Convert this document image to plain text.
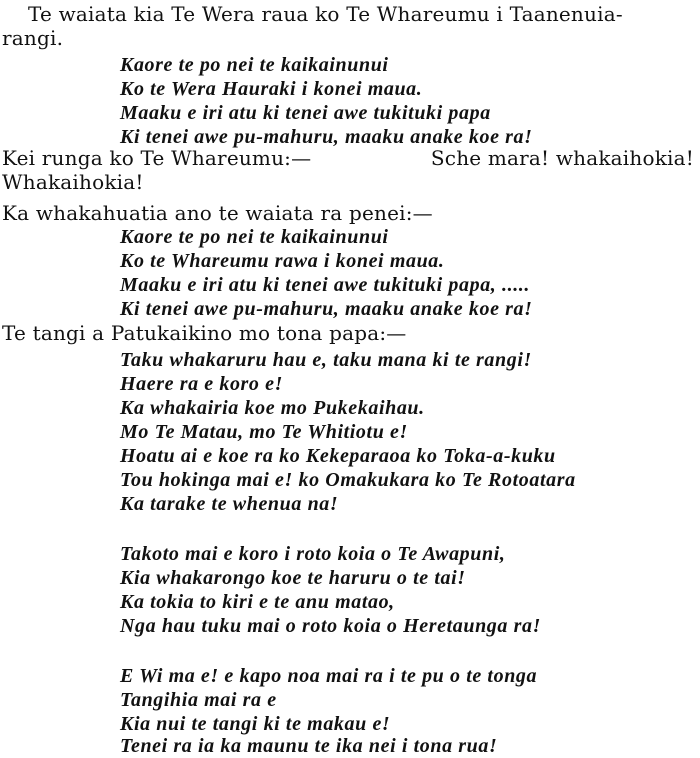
Te waiata kia Te Wera raua ko Te Whareumu i Taanenuia-
rangi.
Kaore te po nei te kaikainunui
Ko te Wera Hauraki i konei maua.
Maaku e iri atu ki tenei awe tukituki papa
Ki tenei awe pu-mahuru, maaku anake koe ra!
Kei runga ko Te Whareumu:—	Sche mara! whakaihokia!
Whakaihokia!
Ka whakahuatia ano te waiata ra penei:—
Kaore te po nei te kaikainunui
Ko te Whareumu rawa i konei maua.
Maaku e iri atu ki tenei awe tukituki papa, .....
Ki tenei awe pu-mahuru, maaku anake koe ra!
Te tangi a Patukaikino mo tona papa:—
Taku whakaruru hau e, taku mana ki te rangi!
Haere ra e koro e!
Ka whakairia koe mo Pukekaihau.
Mo Te Matau, mo Te Whitiotu e!
Hoatu ai e koe ra ko Kekeparaoa ko Toka-a-kuku
Tou hokinga mai e! ko Omakukara ko Te Rotoatara
Ka tarake te whenua na!
Takoto mai e koro i roto koia o Te Awapuni,
Kia whakarongo koe te haruru o te tai!
Ka tokia to kiri e te anu matao,
Nga hau tuku mai o roto koia o Heretaunga ra!
E Wi ma e! e kapo noa mai ra i te pu o te tonga
Tangihia mai ra e
Kia nui te tangi ki te makau e!
Tenei ra ia ka maunu te ika nei i tona rua!
